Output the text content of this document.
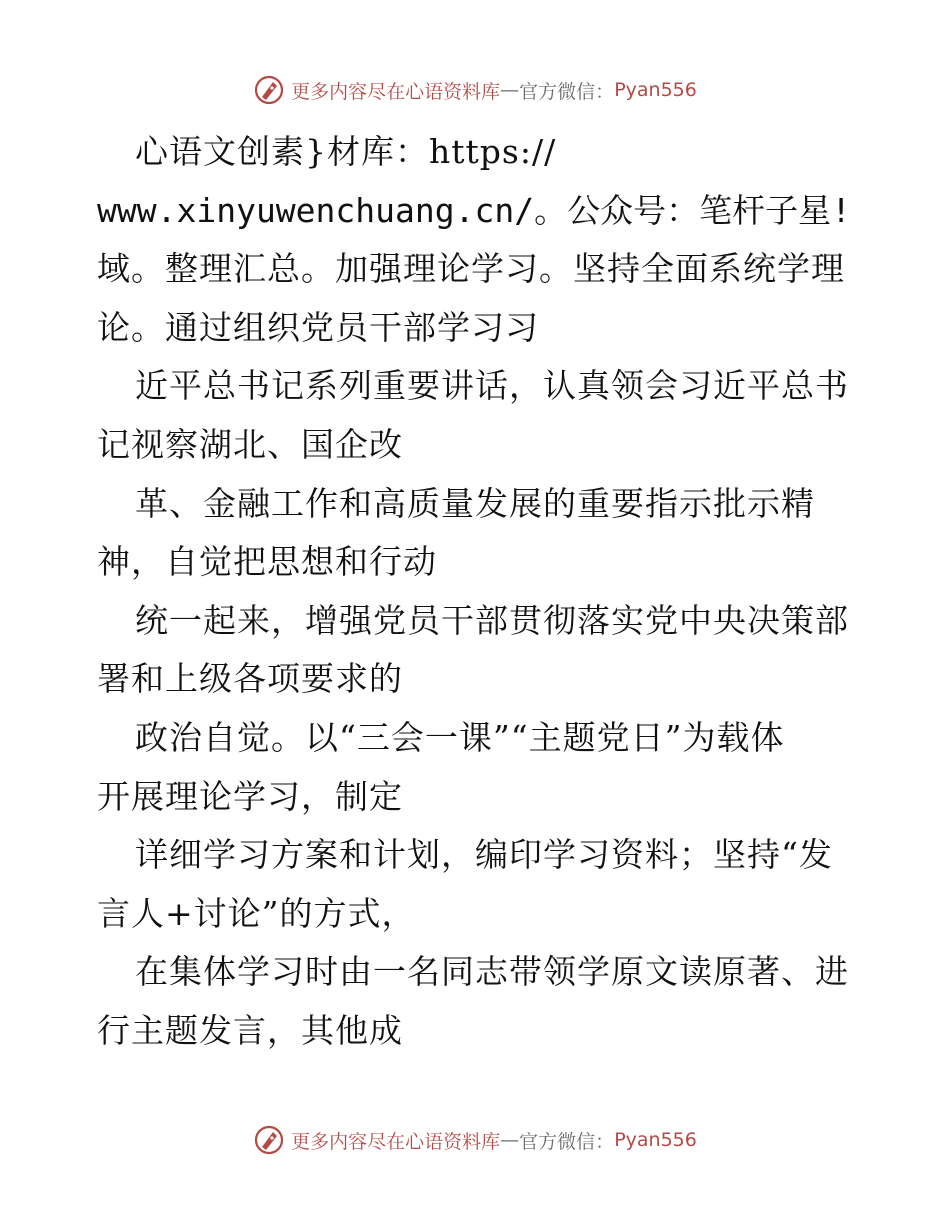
更多内容尽在心语资料库 — 官方微信： Pyan556
心语文创素}材库：https://
www.xinyuwenchuang.cn/。公众号：笔杆子星!
域。整理汇总。加强理论学习。坚持全面系统学理
论。通过组织党员干部学习习
近平总书记系列重要讲话，认真领会习近平总书
记视察湖北、国企改
革、金融工作和高质量发展的重要指示批示精
神，自觉把思想和行动
统一起来，增强党员干部贯彻落实党中央决策部
署和上级各项要求的
政治自觉。以“三会一课”“主题党日”为载体
开展理论学习，制定
详细学习方案和计划，编印学习资料；坚持“发
言人+讨论”的方式，
在集体学习时由一名同志带领学原文读原著、进
行主题发言，其他成
更多内容尽在心语资料库 — 官方微信： Pyan556
